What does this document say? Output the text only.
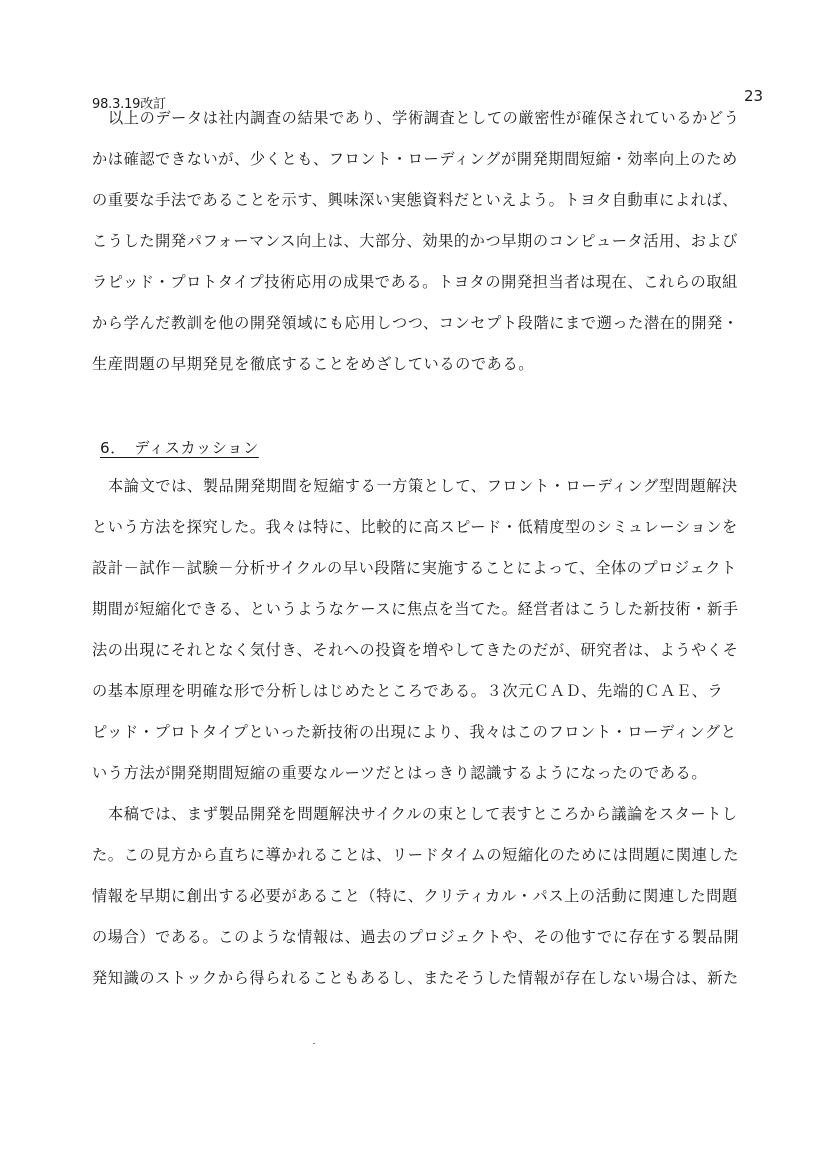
98.3.19改訂	23
以上のデータは社内調査の結果であり、学術調査としての厳密性が確保されているかどう
かは確認できないが、少くとも、フロント・ローディングが開発期間短縮・効率向上のため
の重要な手法であることを示す、興味深い実態資料だといえよう。トヨタ自動車によれば、
こうした開発パフォーマンス向上は、大部分、効果的かつ早期のコンピュータ活用、および
ラピッド・プロトタイプ技術応用の成果である。トヨタの開発担当者は現在、これらの取組
から学んだ教訓を他の開発領域にも応用しつつ、コンセプト段階にまで遡った潜在的開発・
生産問題の早期発見を徹底することをめざしているのである。
6．　ディスカッション
本論文では、製品開発期間を短縮する一方策として、フロント・ローディング型問題解決
という方法を探究した。我々は特に、比較的に高スピード・低精度型のシミュレーションを
設計－試作－試験－分析サイクルの早い段階に実施することによって、全体のプロジェクト
期間が短縮化できる、というようなケースに焦点を当てた。経営者はこうした新技術・新手
法の出現にそれとなく気付き、それへの投資を増やしてきたのだが、研究者は、ようやくそ
の基本原理を明確な形で分析しはじめたところである。３次元ＣＡＤ、先端的ＣＡＥ、ラ
ピッド・プロトタイプといった新技術の出現により、我々はこのフロント・ローディングと
いう方法が開発期間短縮の重要なルーツだとはっきり認識するようになったのである。
本稿では、まず製品開発を問題解決サイクルの束として表すところから議論をスタートし
た。この見方から直ちに導かれることは、リードタイムの短縮化のためには問題に関連した
情報を早期に創出する必要があること（特に、クリティカル・パス上の活動に関連した問題
の場合）である。このような情報は、過去のプロジェクトや、その他すでに存在する製品開
発知識のストックから得られることもあるし、またそうした情報が存在しない場合は、新た
